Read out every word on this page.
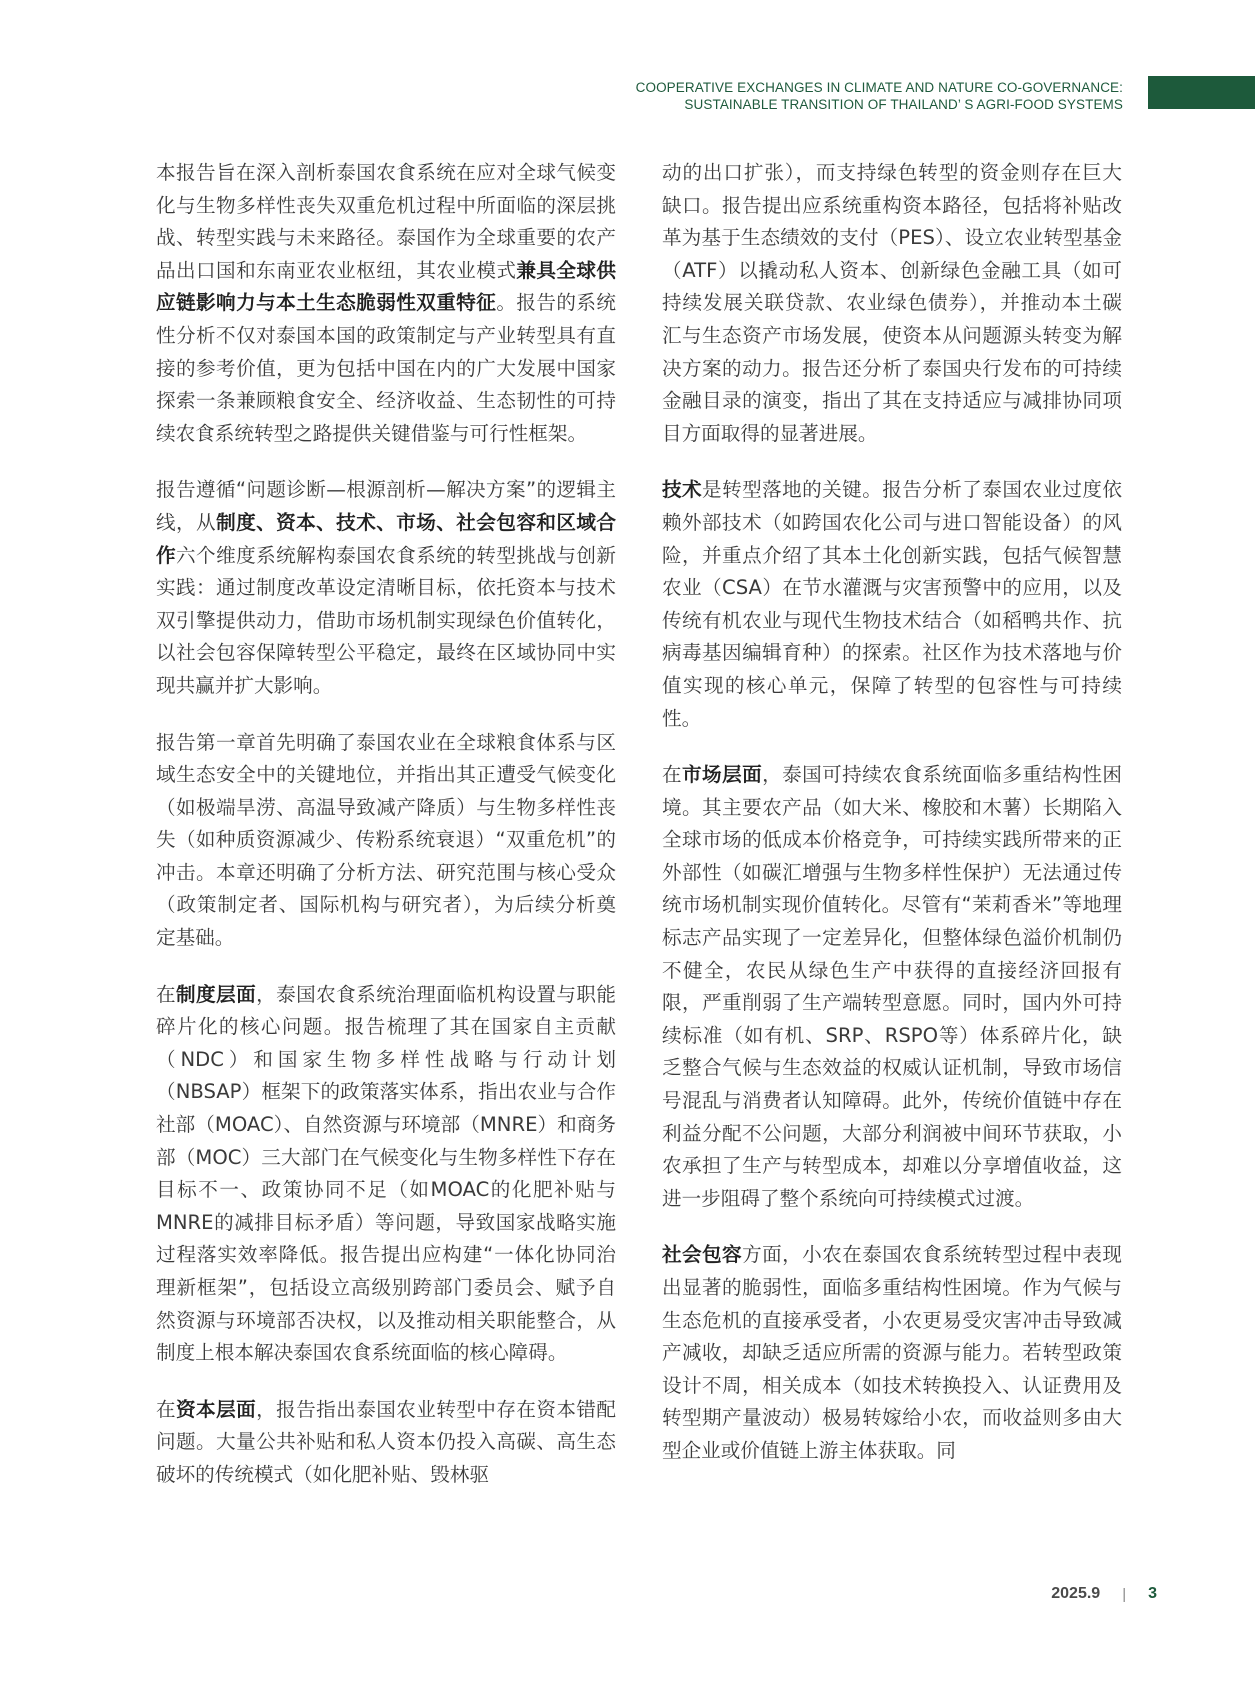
COOPERATIVE EXCHANGES IN CLIMATE AND NATURE CO-GOVERNANCE:
SUSTAINABLE TRANSITION OF THAILAND’ S AGRI-FOOD SYSTEMS

本报告旨在深入剖析泰国农食系统在应对全球气候变化与生物多样性丧失双重危机过程中所面临的深层挑战、转型实践与未来路径。泰国作为全球重要的农产品出口国和东南亚农业枢纽，其农业模式兼具全球供应链影响力与本土生态脆弱性双重特征。报告的系统性分析不仅对泰国本国的政策制定与产业转型具有直接的参考价值，更为包括中国在内的广大发展中国家探索一条兼顾粮食安全、经济收益、生态韧性的可持续农食系统转型之路提供关键借鉴与可行性框架。

报告遵循“问题诊断—根源剖析—解决方案”的逻辑主线，从制度、资本、技术、市场、社会包容和区域合作六个维度系统解构泰国农食系统的转型挑战与创新实践：通过制度改革设定清晰目标，依托资本与技术双引擎提供动力，借助市场机制实现绿色价值转化，以社会包容保障转型公平稳定，最终在区域协同中实现共赢并扩大影响。

报告第一章首先明确了泰国农业在全球粮食体系与区域生态安全中的关键地位，并指出其正遭受气候变化（如极端旱涝、高温导致减产降质）与生物多样性丧失（如种质资源减少、传粉系统衰退）“双重危机”的冲击。本章还明确了分析方法、研究范围与核心受众（政策制定者、国际机构与研究者），为后续分析奠定基础。

在制度层面，泰国农食系统治理面临机构设置与职能碎片化的核心问题。报告梳理了其在国家自主贡献（NDC）和国家生物多样性战略与行动计划（NBSAP）框架下的政策落实体系，指出农业与合作社部（MOAC）、自然资源与环境部（MNRE）和商务部（MOC）三大部门在气候变化与生物多样性下存在目标不一、政策协同不足（如MOAC的化肥补贴与MNRE的减排目标矛盾）等问题，导致国家战略实施过程落实效率降低。报告提出应构建“一体化协同治理新框架”，包括设立高级别跨部门委员会、赋予自然资源与环境部否决权，以及推动相关职能整合，从制度上根本解决泰国农食系统面临的核心障碍。

在资本层面，报告指出泰国农业转型中存在资本错配问题。大量公共补贴和私人资本仍投入高碳、高生态破坏的传统模式（如化肥补贴、毁林驱

动的出口扩张），而支持绿色转型的资金则存在巨大缺口。报告提出应系统重构资本路径，包括将补贴改革为基于生态绩效的支付（PES）、设立农业转型基金（ATF）以撬动私人资本、创新绿色金融工具（如可持续发展关联贷款、农业绿色债券），并推动本土碳汇与生态资产市场发展，使资本从问题源头转变为解决方案的动力。报告还分析了泰国央行发布的可持续金融目录的演变，指出了其在支持适应与减排协同项目方面取得的显著进展。

技术是转型落地的关键。报告分析了泰国农业过度依赖外部技术（如跨国农化公司与进口智能设备）的风险，并重点介绍了其本土化创新实践，包括气候智慧农业（CSA）在节水灌溉与灾害预警中的应用，以及传统有机农业与现代生物技术结合（如稻鸭共作、抗病毒基因编辑育种）的探索。社区作为技术落地与价值实现的核心单元，保障了转型的包容性与可持续性。

在市场层面，泰国可持续农食系统面临多重结构性困境。其主要农产品（如大米、橡胶和木薯）长期陷入全球市场的低成本价格竞争，可持续实践所带来的正外部性（如碳汇增强与生物多样性保护）无法通过传统市场机制实现价值转化。尽管有“茉莉香米”等地理标志产品实现了一定差异化，但整体绿色溢价机制仍不健全，农民从绿色生产中获得的直接经济回报有限，严重削弱了生产端转型意愿。同时，国内外可持续标准（如有机、SRP、RSPO等）体系碎片化，缺乏整合气候与生态效益的权威认证机制，导致市场信号混乱与消费者认知障碍。此外，传统价值链中存在利益分配不公问题，大部分利润被中间环节获取，小农承担了生产与转型成本，却难以分享增值收益，这进一步阻碍了整个系统向可持续模式过渡。

社会包容方面，小农在泰国农食系统转型过程中表现出显著的脆弱性，面临多重结构性困境。作为气候与生态危机的直接承受者，小农更易受灾害冲击导致减产减收，却缺乏适应所需的资源与能力。若转型政策设计不周，相关成本（如技术转换投入、认证费用及转型期产量波动）极易转嫁给小农，而收益则多由大型企业或价值链上游主体获取。同

2025.9 | 3
